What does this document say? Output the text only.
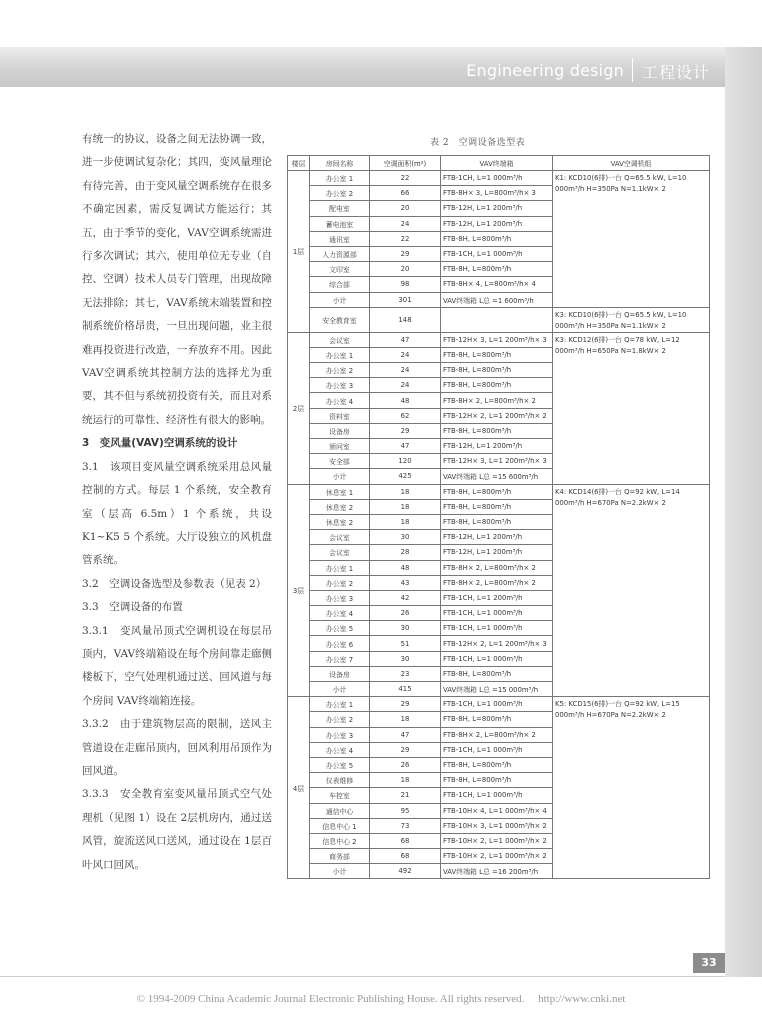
Engineering design 工程设计

有统一的协议，设备之间无法协调一致，进一步使调试复杂化；其四，变风量理论有待完善，由于变风量空调系统存在很多不确定因素，需反复调试方能运行；其五，由于季节的变化，VAV空调系统需进行多次调试；其六，使用单位无专业（自控、空调）技术人员专门管理，出现故障无法排除；其七，VAV系统末端装置和控制系统价格昂贵，一旦出现问题，业主很难再投资进行改造，一弃放弃不用。因此VAV空调系统其控制方法的选择尤为重要，其不但与系统初投资有关，而且对系统运行的可靠性、经济性有很大的影响。

3　变风量(VAV)空调系统的设计

3.1　该项目变风量空调系统采用总风量控制的方式。每层 1 个系统，安全教育室（层高 6.5m）1 个系统，共设 K1~K5 5 个系统。大厅设独立的风机盘管系统。

3.2　空调设备选型及参数表（见表 2）

3.3　空调设备的布置

3.3.1　变风量吊顶式空调机设在每层吊顶内，VAV终端箱设在每个房间靠走廊侧楼板下，空气处理机通过送、回风道与每个房间 VAV终端箱连接。

3.3.2　由于建筑物层高的限制，送风主管道设在走廊吊顶内，回风利用吊顶作为回风道。

3.3.3　安全教育室变风量吊顶式空气处理机（见图 1）设在 2层机房内，通过送风管，旋流送风口送风，通过设在 1层百叶风口回风。

表 2　空调设备选型表
楼层	房间名称	空调面积(m²)	VAV终端箱	VAV空调机组
1层	办公室 1	22	FTB-1CH, L=1 000m³/h	K1: KCD10(6排)一台 Q=65.5 kW, L=10 000m³/h H=350Pa N=1.1kW× 2
	办公室 2	66	FTB-8H× 3, L=800m³/h× 3	
	配电室	20	FTB-12H, L=1 200m³/h	
	蓄电池室	24	FTB-12H, L=1 200m³/h	
	通讯室	22	FTB-8H, L=800m³/h	
	人力资源部	29	FTB-1CH, L=1 000m³/h	
	文印室	20	FTB-8H, L=800m³/h	
	综合部	98	FTB-8H× 4, L=800m³/h× 4	
	小计	301	VAV终端箱 L总 =1 600m³/h	
	安全教育室	148		K3: KCD10(6排)一台 Q=65.5 kW, L=10 000m³/h H=350Pa N=1.1kW× 2
2层	会议室	47	FTB-12H× 3, L=1 200m³/h× 3	K3: KCD12(6排)一台 Q=78 kW, L=12 000m³/h H=650Pa N=1.8kW× 2
	办公室 1	24	FTB-8H, L=800m³/h	
	办公室 2	24	FTB-8H, L=800m³/h	
	办公室 3	24	FTB-8H, L=800m³/h	
	办公室 4	48	FTB-8H× 2, L=800m³/h× 2	
	资料室	62	FTB-12H× 2, L=1 200m³/h× 2	
	设备房	29	FTB-8H, L=800m³/h	
	颁问室	47	FTB-12H, L=1 200m³/h	
	安全部	120	FTB-12H× 3, L=1 200m³/h× 3	
	小计	425	VAV终端箱 L总 =15 600m³/h	
3层	休息室 1	18	FTB-8H, L=800m³/h	K4: KCD14(6排)一台 Q=92 kW, L=14 000m³/h H=670Pa N=2.2kW× 2
	休息室 2	18	FTB-8H, L=800m³/h	
	休息室 2	18	FTB-8H, L=800m³/h	
	会议室	30	FTB-12H, L=1 200m³/h	
	会议室	28	FTB-12H, L=1 200m³/h	
	办公室 1	48	FTB-8H× 2, L=800m³/h× 2	
	办公室 2	43	FTB-8H× 2, L=800m³/h× 2	
	办公室 3	42	FTB-1CH, L=1 200m³/h	
	办公室 4	26	FTB-1CH, L=1 000m³/h	
	办公室 5	30	FTB-1CH, L=1 000m³/h	
	办公室 6	51	FTB-12H× 2, L=1 200m³/h× 3	
	办公室 7	30	FTB-1CH, L=1 000m³/h	
	设备房	23	FTB-8H, L=800m³/h	
	小计	415	VAV终端箱 L总 =15 000m³/h	
4层	办公室 1	29	FTB-1CH, L=1 000m³/h	K5: KCD15(6排)一台 Q=92 kW, L=15 000m³/h H=670Pa N=2.2kW× 2
	办公室 2	18	FTB-8H, L=800m³/h	
	办公室 3	47	FTB-8H× 2, L=800m³/h× 2	
	办公室 4	29	FTB-1CH, L=1 000m³/h	
	办公室 5	26	FTB-8H, L=800m³/h	
	仪表维修	18	FTB-8H, L=800m³/h	
	车控室	21	FTB-1CH, L=1 000m³/h	
	通信中心	95	FTB-10H× 4, L=1 000m³/h× 4	
	信息中心 1	73	FTB-10H× 3, L=1 000m³/h× 2	
	信息中心 2	68	FTB-10H× 2, L=1 000m³/h× 2	
	商务部	68	FTB-10H× 2, L=1 000m³/h× 2	
	小计	492	VAV终端箱 L总 =16 200m³/h	
33
© 1994-2009 China Academic Journal Electronic Publishing House. All rights reserved.　 http://www.cnki.net
